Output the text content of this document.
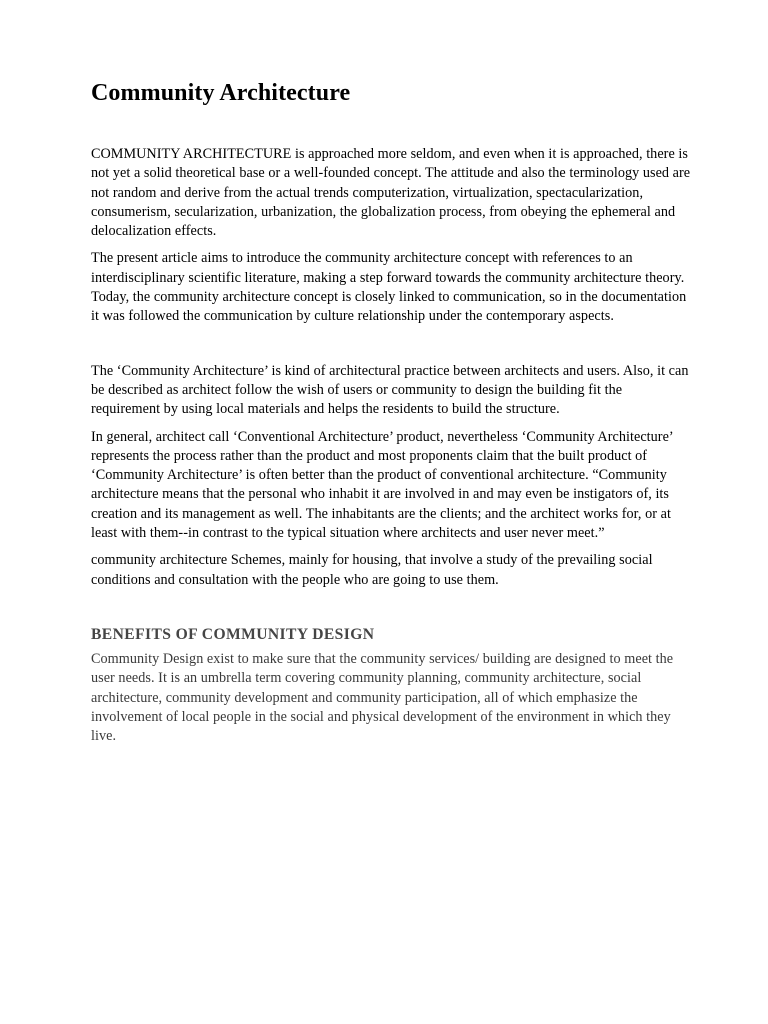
Community Architecture

COMMUNITY ARCHITECTURE is approached more seldom, and even when it is approached, there is not yet a solid theoretical base or a well-founded concept. The attitude and also the terminology used are not random and derive from the actual trends computerization, virtualization, spectacularization, consumerism, secularization, urbanization, the globalization process, from obeying the ephemeral and delocalization effects.

The present article aims to introduce the community architecture concept with references to an interdisciplinary scientific literature, making a step forward towards the community architecture theory. Today, the community architecture concept is closely linked to communication, so in the documentation it was followed the communication by culture relationship under the contemporary aspects.

The ‘Community Architecture’ is kind of architectural practice between architects and users. Also, it can be described as architect follow the wish of users or community to design the building fit the requirement by using local materials and helps the residents to build the structure.

In general, architect call ‘Conventional Architecture’ product, nevertheless ‘Community Architecture’ represents the process rather than the product and most proponents claim that the built product of ‘Community Architecture’ is often better than the product of conventional architecture. “Community architecture means that the personal who inhabit it are involved in and may even be instigators of, its creation and its management as well. The inhabitants are the clients; and the architect works for, or at least with them--in contrast to the typical situation where architects and user never meet.”

community architecture Schemes, mainly for housing, that involve a study of the prevailing social conditions and consultation with the people who are going to use them.

BENEFITS OF COMMUNITY DESIGN

Community Design exist to make sure that the community services/ building are designed to meet the user needs. It is an umbrella term covering community planning, community architecture, social architecture, community development and community participation, all of which emphasize the involvement of local people in the social and physical development of the environment in which they live.
